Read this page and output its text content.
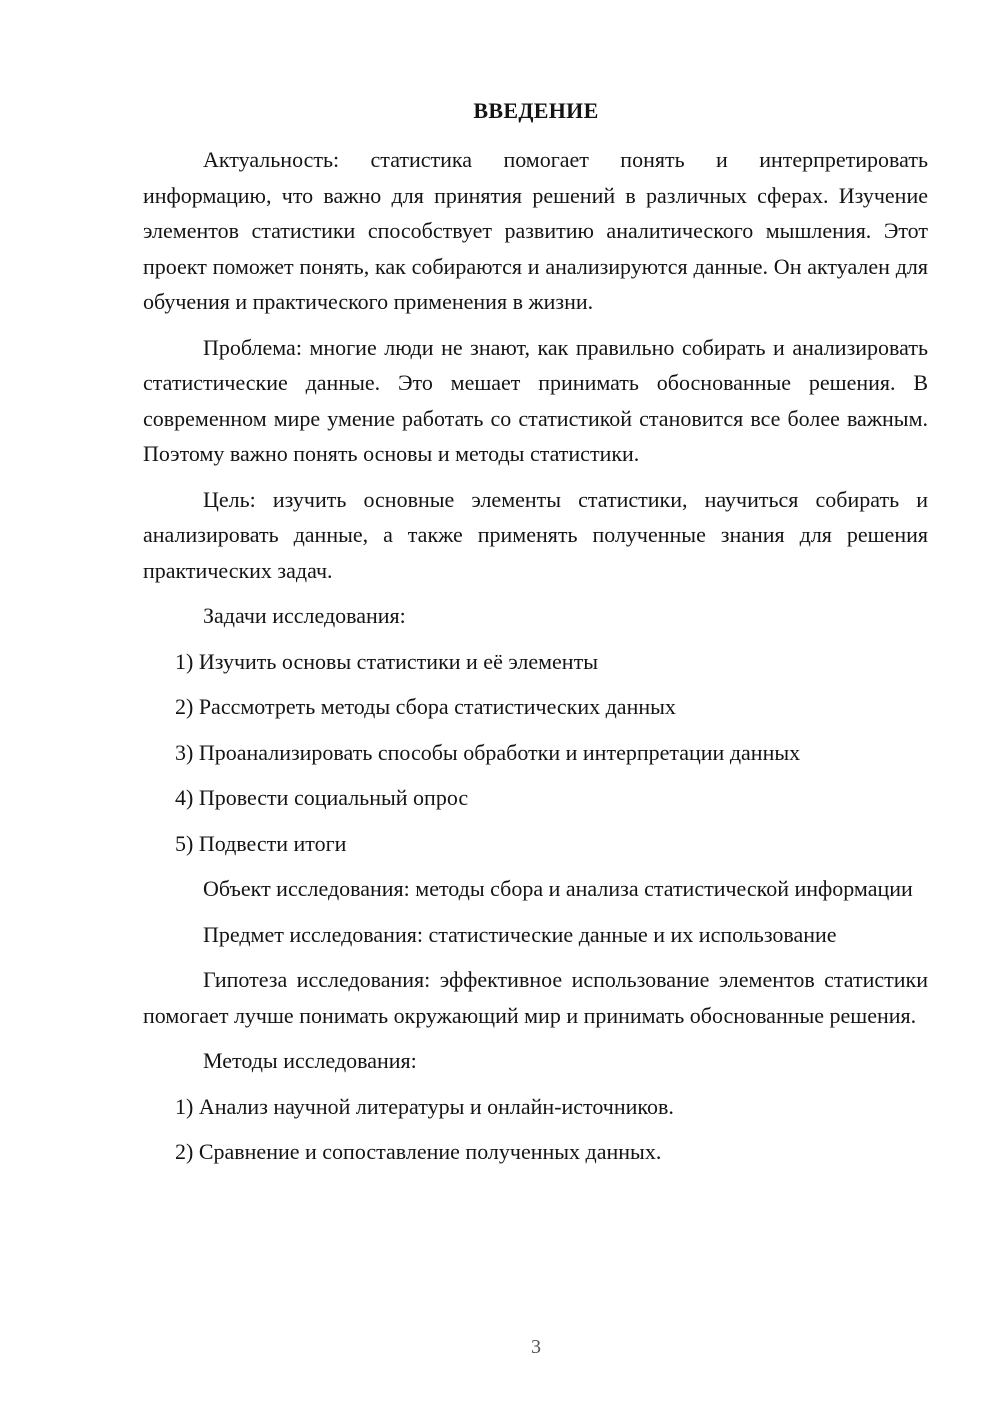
ВВЕДЕНИЕ

Актуальность: статистика помогает понять и интерпретировать информацию, что важно для принятия решений в различных сферах. Изучение элементов статистики способствует развитию аналитического мышления. Этот проект поможет понять, как собираются и анализируются данные. Он актуален для обучения и практического применения в жизни.

Проблема: многие люди не знают, как правильно собирать и анализировать статистические данные. Это мешает принимать обоснованные решения. В современном мире умение работать со статистикой становится все более важным. Поэтому важно понять основы и методы статистики.

Цель: изучить основные элементы статистики, научиться собирать и анализировать данные, а также применять полученные знания для решения практических задач.

Задачи исследования:

1) Изучить основы статистики и её элементы
2) Рассмотреть методы сбора статистических данных
3) Проанализировать способы обработки и интерпретации данных
4) Провести социальный опрос
5) Подвести итоги

Объект исследования: методы сбора и анализа статистической информации

Предмет исследования: статистические данные и их использование

Гипотеза исследования: эффективное использование элементов статистики помогает лучше понимать окружающий мир и принимать обоснованные решения.

Методы исследования:

1) Анализ научной литературы и онлайн-источников.
2) Сравнение и сопоставление полученных данных.
3
